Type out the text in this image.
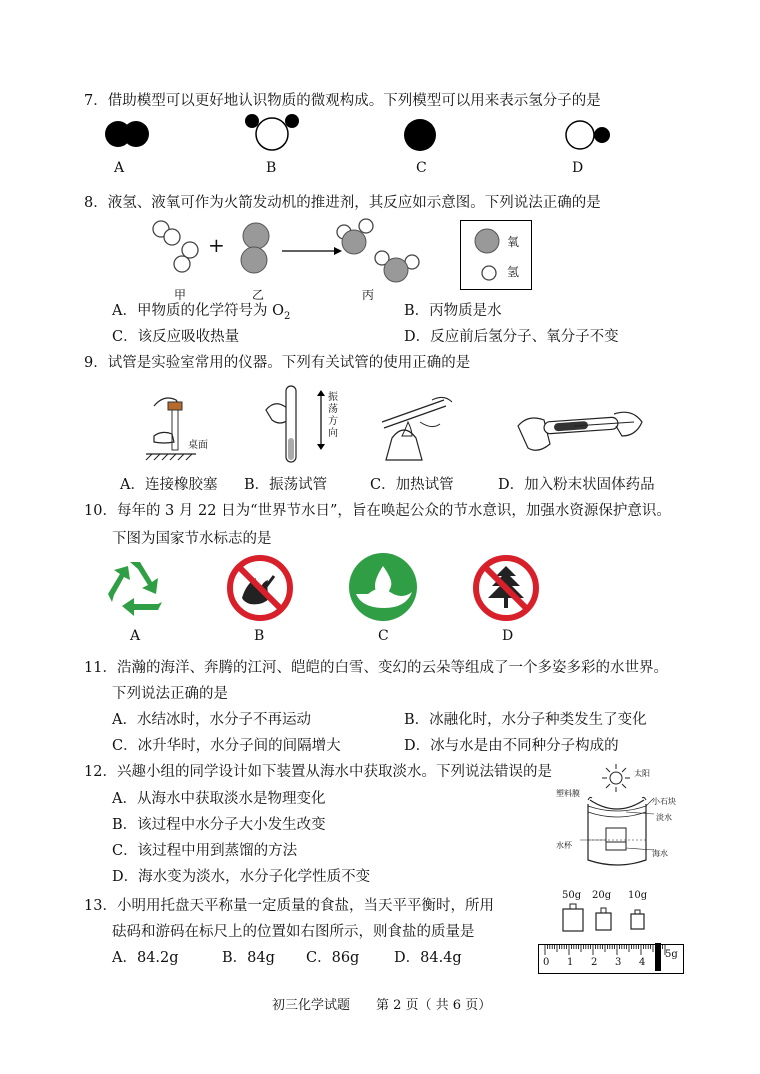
7．借助模型可以更好地认识物质的微观构成。下列模型可以用来表示氢分子的是
A	B	C	D
8．液氢、液氧可作为火箭发动机的推进剂，其反应如示意图。下列说法正确的是
+
甲	乙	丙
氧
氢
A．甲物质的化学符号为 $O_2$	B．丙物质是水
C．该反应吸收热量	D．反应前后氢分子、氧分子不变
9．试管是实验室常用的仪器。下列有关试管的使用正确的是
桌面
振
荡
方
向
A．连接橡胶塞 B．振荡试管	C．加热试管	D．加入粉末状固体药品
10．每年的 3 月 22 日为“世界节水日”，旨在唤起公众的节水意识，加强水资源保护意识。
下图为国家节水标志的是
A	B	C	D
11．浩瀚的海洋、奔腾的江河、皑皑的白雪、变幻的云朵等组成了一个多姿多彩的水世界。
下列说法正确的是
A．水结冰时，水分子不再运动	B．冰融化时，水分子种类发生了变化
C．冰升华时，水分子间的间隔增大	D．冰与水是由不同种分子构成的
12．兴趣小组的同学设计如下装置从海水中获取淡水。下列说法错误的是
A．从海水中获取淡水是物理变化
B．该过程中水分子大小发生改变
C．该过程中用到蒸馏的方法
D．海水变为淡水，水分子化学性质不变
太阳
塑料膜
小石块
淡水
水杯
海水
13．小明用托盘天平称量一定质量的食盐，当天平平衡时，所用
砝码和游码在标尺上的位置如右图所示，则食盐的质量是
A．84.2g	B．84g C．86g D．84.4g
50g 20g 10g
0 1 2 3 4
5g
初三化学试题　　第 2 页（ 共 6 页）
